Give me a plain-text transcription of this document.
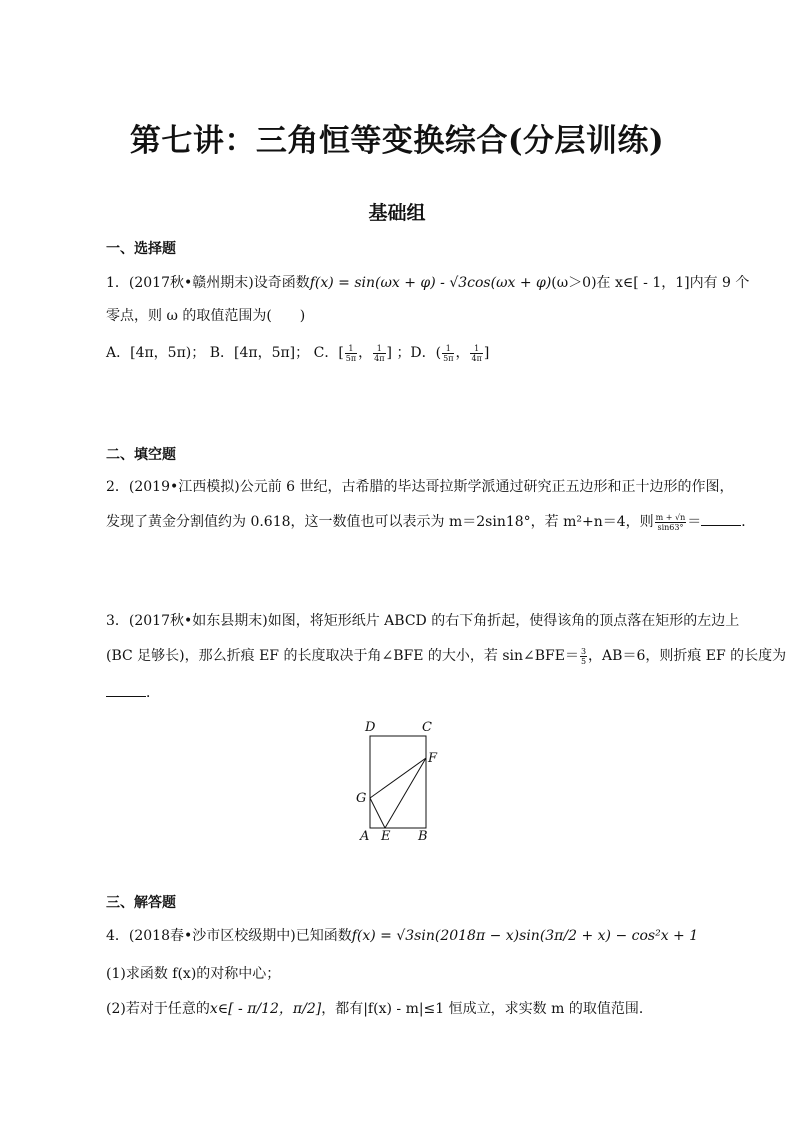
第七讲：三角恒等变换综合(分层训练)
基础组
一、选择题
1．(2017秋•赣州期末)设奇函数f(x) = sin(ωx + φ) - √3cos(ωx + φ)(ω＞0)在 x∈[ - 1，1]内有 9 个
零点，则 ω 的取值范围为(　　)
A．[4π，5π)； B．[4π，5π]； C．[ $\frac{1}{5\pi}$ ， $\frac{1}{4\pi}$ ] ；D．( $\frac{1}{5\pi}$ ， $\frac{1}{4\pi}$ ]
二、填空题
2．(2019•江西模拟)公元前 6 世纪，古希腊的毕达哥拉斯学派通过研究正五边形和正十边形的作图，
发现了黄金分割值约为 0.618，这一数值也可以表示为 m＝2sin18°，若 m²+n＝4，则 $\frac{m + √n}{\sin 63^\circ}$ ＝	．
3．(2017秋•如东县期末)如图，将矩形纸片 ABCD 的右下角折起，使得该角的顶点落在矩形的左边上
(BC 足够长)，那么折痕 EF 的长度取决于角∠BFE 的大小，若 sin∠BFE＝ $\frac{3}{5}$ ，AB＝6，则折痕 EF 的长度为
．
D	C
F
G
A E B
三、解答题
4．(2018春•沙市区校级期中)已知函数f(x) = √3sin(2018π − x)sin(3π/2 + x) − cos²x + 1
(1)求函数 f(x)的对称中心；
(2)若对于任意的x∈[ - π/12，π/2]，都有|f(x) - m|≤1 恒成立，求实数 m 的取值范围．
